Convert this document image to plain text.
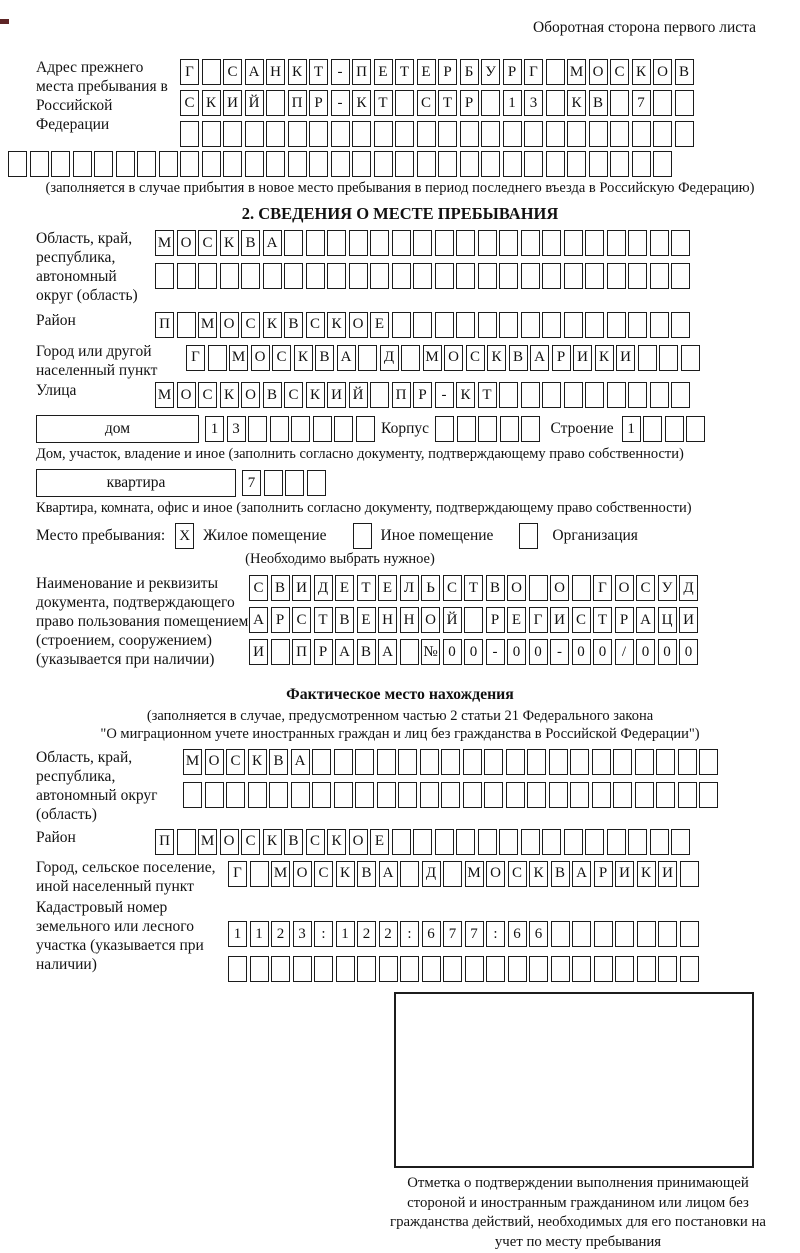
Оборотная сторона первого листа
Адрес прежнего места пребывания в Российской Федерации
Г	С А Н К Т - П Е Т Е Р Б У Р Г	М О С К О В
С К И Й П Р - К Т	С Т Р	1 3	К В	7
(заполняется в случае прибытия в новое место пребывания в период последнего въезда в Российскую Федерацию)
2. СВЕДЕНИЯ О МЕСТЕ ПРЕБЫВАНИЯ
Область, край, республика, автономный округ (область)
М О С К В А
Район	П М О С К В С К О Е
Город или другой населенный пункт
Г	М О С К В А Д М О С К В А Р И К И
Улица	М О С К О В С К И Й П Р - К Т
дом	1 3	Корпус	Строение 1
Дом, участок, владение и иное (заполнить согласно документу, подтверждающему право собственности)
квартира	7
Квартира, комната, офис и иное (заполнить согласно документу, подтверждающему право собственности)
Место пребывания: X Жилое помещение	Иное помещение	Организация
(Необходимо выбрать нужное)
Наименование и реквизиты документа, подтверждающего право пользования помещением (строением, сооружением) (указывается при наличии)
С В И Д Е Т Е Л Ь С Т В О О	Г О С У Д
А Р С Т В Е Н Н О Й	Р Е Г И С Т Р А Ц И
И П Р А В А № 0 0	-	0 0	-	0 0	/	0 0 0
Фактическое место нахождения
(заполняется в случае, предусмотренном частью 2 статьи 21 Федерального закона
"О миграционном учете иностранных граждан и лиц без гражданства в Российской Федерации")
Область, край, республика, автономный округ (область)
М О С К В А
Район	П М О С К В С К О Е
Город, сельское поселение, иной населенный пункт
Г	М О С К В А Д М О С К В А Р И К И
Кадастровый номер земельного или лесного участка (указывается при наличии)
1 1 2 3	:	1 2 2	:	6 7 7	:	6 6
Отметка о подтверждении выполнения принимающей стороной и иностранным гражданином или лицом без гражданства действий, необходимых для его постановки на учет по месту пребывания
